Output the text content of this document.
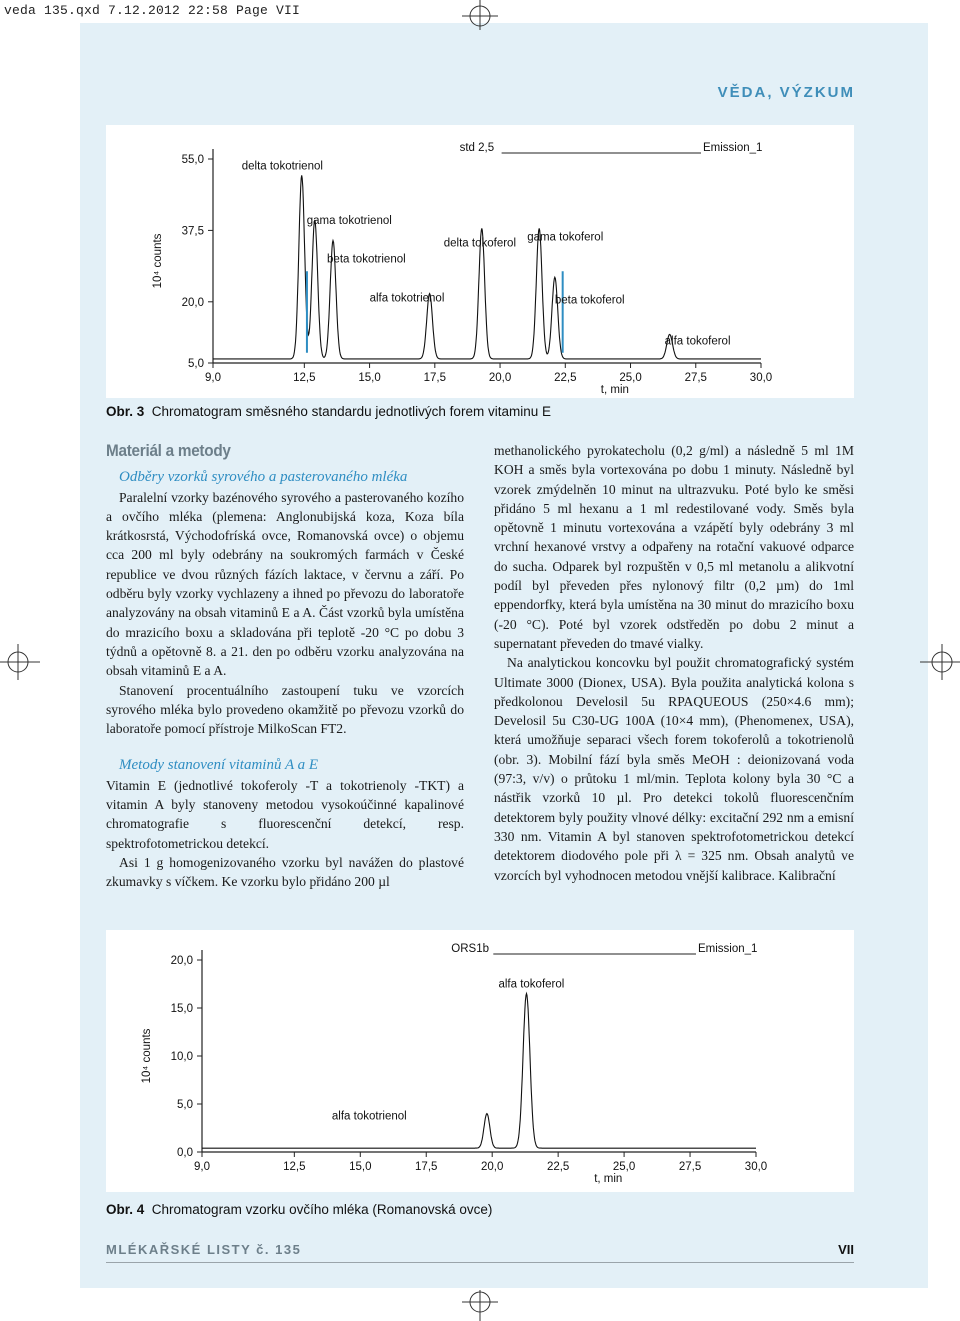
veda 135.qxd 7.12.2012 22:58 Page VII
VĚDA, VÝZKUM
std 2,5	Emission_1
9,0	12,5	15,0	17,5	20,0	22,5	25,0	27,5	30,0
t, min
5,0
20,0
37,5
55,0
10⁴ counts
delta tokotrienol
gama tokotrienol
beta tokotrienol
alfa tokotrienol
delta tokoferol gama tokoferol
beta tokoferol
alfa tokoferol
Obr. 3 Chromatogram směsného standardu jednotlivých forem vitaminu E
Materiál a metody

Odběry vzorků syrového a pasterovaného mléka

Paralelní vzorky bazénového syrového a pasterovaného kozího a ovčího mléka (plemena: Anglonubijská koza, Koza bíla krátkosrstá, Východofríská ovce, Romanovská ovce) o objemu cca 200 ml byly odebrány na soukromých farmách v České republice ve dvou různých fázích laktace, v červnu a září. Po odběru byly vzorky vychlazeny a ihned po převozu do laboratoře analyzovány na obsah vitaminů E a A. Část vzorků byla umístěna do mrazicího boxu a skladována při teplotě -20 °C po dobu 3 týdnů a opětovně 8. a 21. den po odběru vzorku analyzována na obsah vitaminů E a A.

Stanovení procentuálního zastoupení tuku ve vzorcích syrového mléka bylo provedeno okamžitě po převozu vzorků do laboratoře pomocí přístroje MilkoScan FT2.

Metody stanovení vitaminů A a E

Vitamin E (jednotlivé tokoferoly -T a tokotrienoly -TKT) a vitamin A byly stanoveny metodou vysokoúčinné kapalinové chromatografie s fluorescenční detekcí, resp. spektrofotometrickou detekcí.

Asi 1 g homogenizovaného vzorku byl navážen do plastové zkumavky s víčkem. Ke vzorku bylo přidáno 200 µl

methanolického pyrokatecholu (0,2 g/ml) a následně 5 ml 1M KOH a směs byla vortexována po dobu 1 minuty. Následně byl vzorek zmýdelněn 10 minut na ultrazvuku. Poté bylo ke směsi přidáno 5 ml hexanu a 1 ml redestilované vody. Směs byla opětovně 1 minutu vortexována a vzápětí byly odebrány 3 ml vrchní hexanové vrstvy a odpařeny na rotační vakuové odparce do sucha. Odparek byl rozpuštěn v 0,5 ml metanolu a alikvotní podíl byl převeden přes nylonový filtr (0,2 µm) do 1ml eppendorfky, která byla umístěna na 30 minut do mrazicího boxu (-20 °C). Poté byl vzorek odstředěn po dobu 2 minut a supernatant převeden do tmavé vialky.

Na analytickou koncovku byl použit chromatografický systém Ultimate 3000 (Dionex, USA). Byla použita analytická kolona s předkolonou Develosil 5u RPAQUEOUS (250×4.6 mm); Develosil 5u C30-UG 100A (10×4 mm), (Phenomenex, USA), která umožňuje separaci všech forem tokoferolů a tokotrienolů (obr. 3). Mobilní fází byla směs MeOH : deionizovaná voda (97:3, v/v) o průtoku 1 ml/min. Teplota kolony byla 30 °C a nástřik vzorků 10 µl. Pro detekci tokolů fluorescenčním detektorem byly použity vlnové délky: excitační 292 nm a emisní 330 nm. Vitamin A byl stanoven spektrofotometrickou detekcí detektorem diodového pole při λ = 325 nm. Obsah analytů ve vzorcích byl vyhodnocen metodou vnější kalibrace. Kalibrační

ORS1b	Emission_1
9,0	12,5	15,0	17,5	20,0	22,5	25,0	27,5	30,0
t, min
0,0
5,0
10,0
15,0
20,0
10⁴ counts
alfa tokotrienol
alfa tokoferol
Obr. 4 Chromatogram vzorku ovčího mléka (Romanovská ovce)
MLÉKAŘSKÉ LISTY č. 135	VII
